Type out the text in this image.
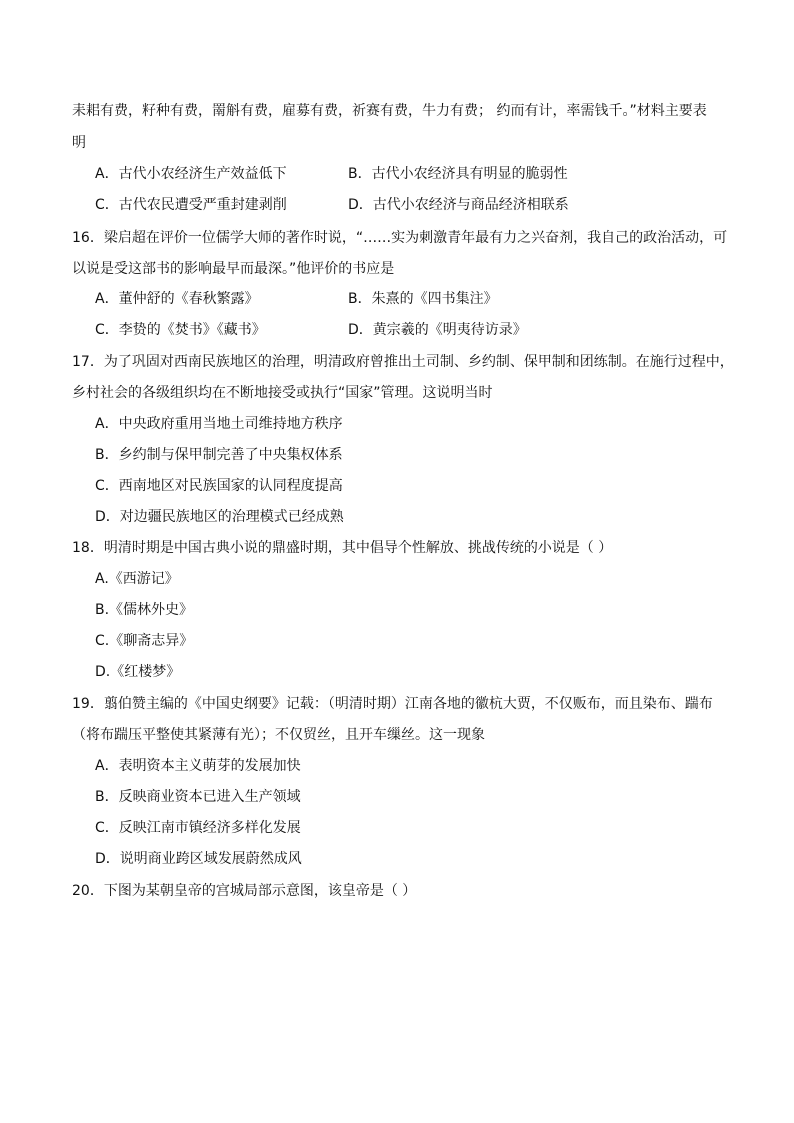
耒耜有费，籽种有费，罱斛有费，雇募有费，祈赛有费，牛力有费； 约而有计，率需钱千。”材料主要表
明
A．古代小农经济生产效益低下	B．古代小农经济具有明显的脆弱性
C．古代农民遭受严重封建剥削	D．古代小农经济与商品经济相联系
16．梁启超在评价一位儒学大师的著作时说，“……实为刺激青年最有力之兴奋剂，我自己的政治活动，可
以说是受这部书的影响最早而最深。”他评价的书应是
A．董仲舒的《春秋繁露》	B．朱熹的《四书集注》
C．李贽的《焚书》《藏书》	D．黄宗羲的《明夷待访录》
17．为了巩固对西南民族地区的治理，明清政府曾推出土司制、乡约制、保甲制和团练制。在施行过程中，
乡村社会的各级组织均在不断地接受或执行“国家”管理。这说明当时
A．中央政府重用当地土司维持地方秩序
B．乡约制与保甲制完善了中央集权体系
C．西南地区对民族国家的认同程度提高
D．对边疆民族地区的治理模式已经成熟
18．明清时期是中国古典小说的鼎盛时期，其中倡导个性解放、挑战传统的小说是（ ）
A.《西游记》
B.《儒林外史》
C.《聊斋志异》
D.《红楼梦》
19．翦伯赞主编的《中国史纲要》记载：（明清时期）江南各地的徽杭大贾，不仅贩布，而且染布、踹布
（将布踹压平整使其紧薄有光）；不仅贸丝，且开车缫丝。这一现象
A．表明资本主义萌芽的发展加快
B．反映商业资本已进入生产领域
C．反映江南市镇经济多样化发展
D．说明商业跨区域发展蔚然成风
20．下图为某朝皇帝的宫城局部示意图，该皇帝是（ ）
